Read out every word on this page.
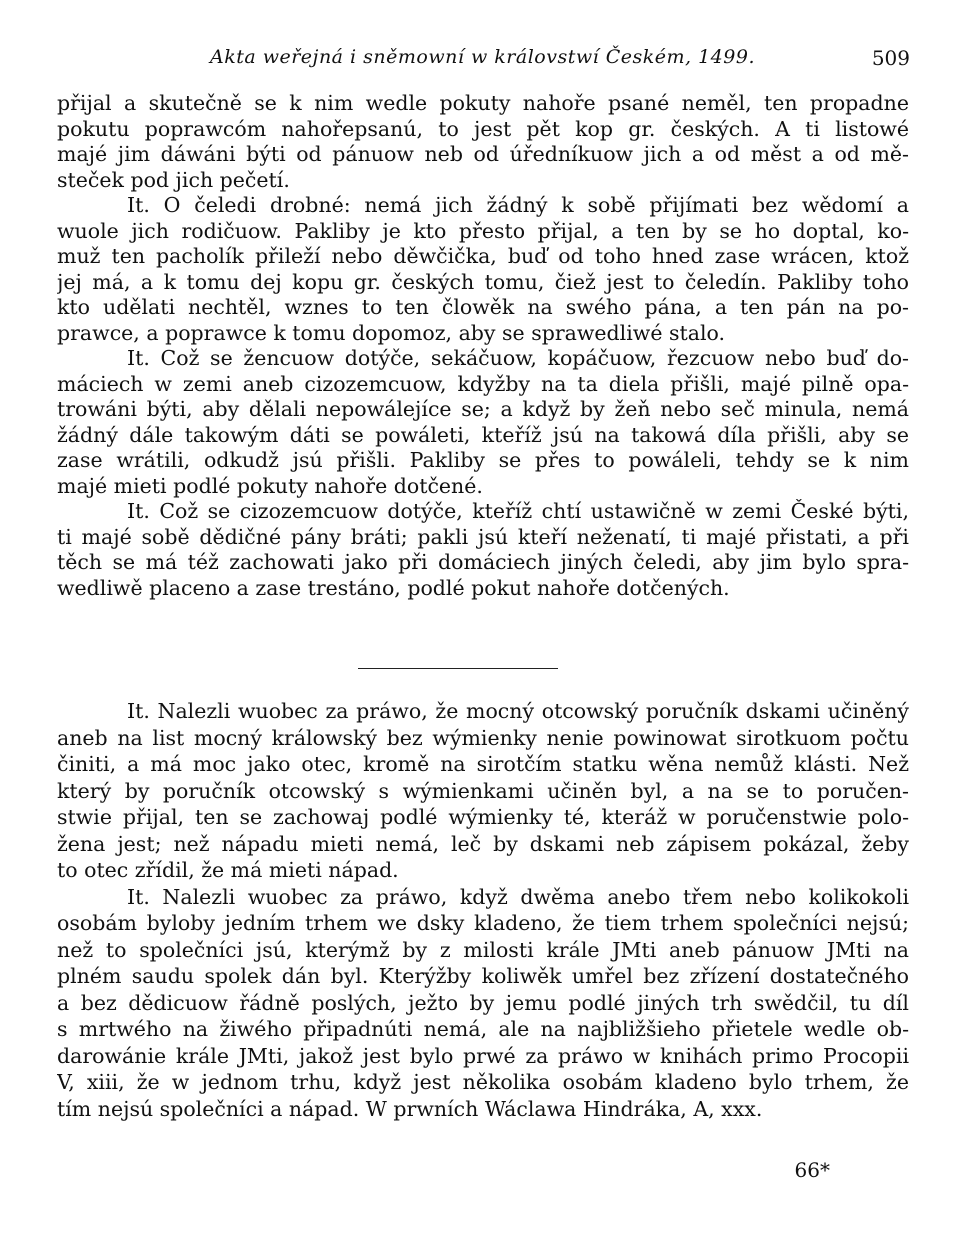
Akta weřejná i sněmowní w královstwí Českém, 1499.	509
přijal a skutečně se k nim wedle pokuty nahoře psané neměl, ten propadne
pokutu poprawcóm nahořepsanú, to jest pět kop gr. českých. A ti listowé
majé jim dáwáni býti od pánuow neb od úředníkuow jich a od měst a od mě-
steček pod jich pečetí.
It. O čeledi drobné: nemá jich žádný k sobě přijímati bez wědomí a
wuole jich rodičuow. Pakliby je kto přesto přijal, a ten by se ho doptal, ko-
muž ten pacholík přileží nebo děwčička, buď od toho hned zase wrácen, ktož
jej má, a k tomu dej kopu gr. českých tomu, čiež jest to čeledín. Pakliby toho
kto udělati nechtěl, wznes to ten člowěk na swého pána, a ten pán na po-
prawce, a poprawce k tomu dopomoz, aby se sprawedliwé stalo.
It. Což se žencuow dotýče, sekáčuow, kopáčuow, řezcuow nebo buď do-
máciech w zemi aneb cizozemcuow, kdyžby na ta diela přišli, majé pilně opa-
trowáni býti, aby dělali nepowálejíce se; a když by žeň nebo seč minula, nemá
žádný dále takowým dáti se powáleti, kteříž jsú na takowá díla přišli, aby se
zase wrátili, odkudž jsú přišli. Pakliby se přes to powáleli, tehdy se k nim
majé mieti podlé pokuty nahoře dotčené.
It. Což se cizozemcuow dotýče, kteříž chtí ustawičně w zemi České býti,
ti majé sobě dědičné pány bráti; pakli jsú kteří neženatí, ti majé přistati, a při
těch se má též zachowati jako při domáciech jiných čeledi, aby jim bylo spra-
wedliwě placeno a zase trestáno, podlé pokut nahoře dotčených.
It. Nalezli wuobec za práwo, že mocný otcowský poručník dskami učiněný
aneb na list mocný králowský bez wýmienky nenie powinowat sirotkuom počtu
činiti, a má moc jako otec, kromě na sirotčím statku wěna nemůž klásti. Než
který by poručník otcowský s wýmienkami učiněn byl, a na se to poručen-
stwie přijal, ten se zachowaj podlé wýmienky té, kteráž w poručenstwie polo-
žena jest; než nápadu mieti nemá, leč by dskami neb zápisem pokázal, žeby
to otec zřídil, že má mieti nápad.
It. Nalezli wuobec za práwo, když dwěma anebo třem nebo kolikokoli
osobám byloby jedním trhem we dsky kladeno, že tiem trhem společníci nejsú;
než to společníci jsú, kterýmž by z milosti krále JMti aneb pánuow JMti na
plném saudu spolek dán byl. Kterýžby koliwěk umřel bez zřízení dostatečného
a bez dědicuow řádně poslých, ježto by jemu podlé jiných trh swědčil, tu díl
s mrtwého na žiwého připadnúti nemá, ale na najbližšieho přietele wedle ob-
darowánie krále JMti, jakož jest bylo prwé za práwo w knihách primo Procopii
V, xiii, že w jednom trhu, když jest několika osobám kladeno bylo trhem, že
tím nejsú společníci a nápad. W prwních Wáclawa Hindráka, A, xxx.
66*
